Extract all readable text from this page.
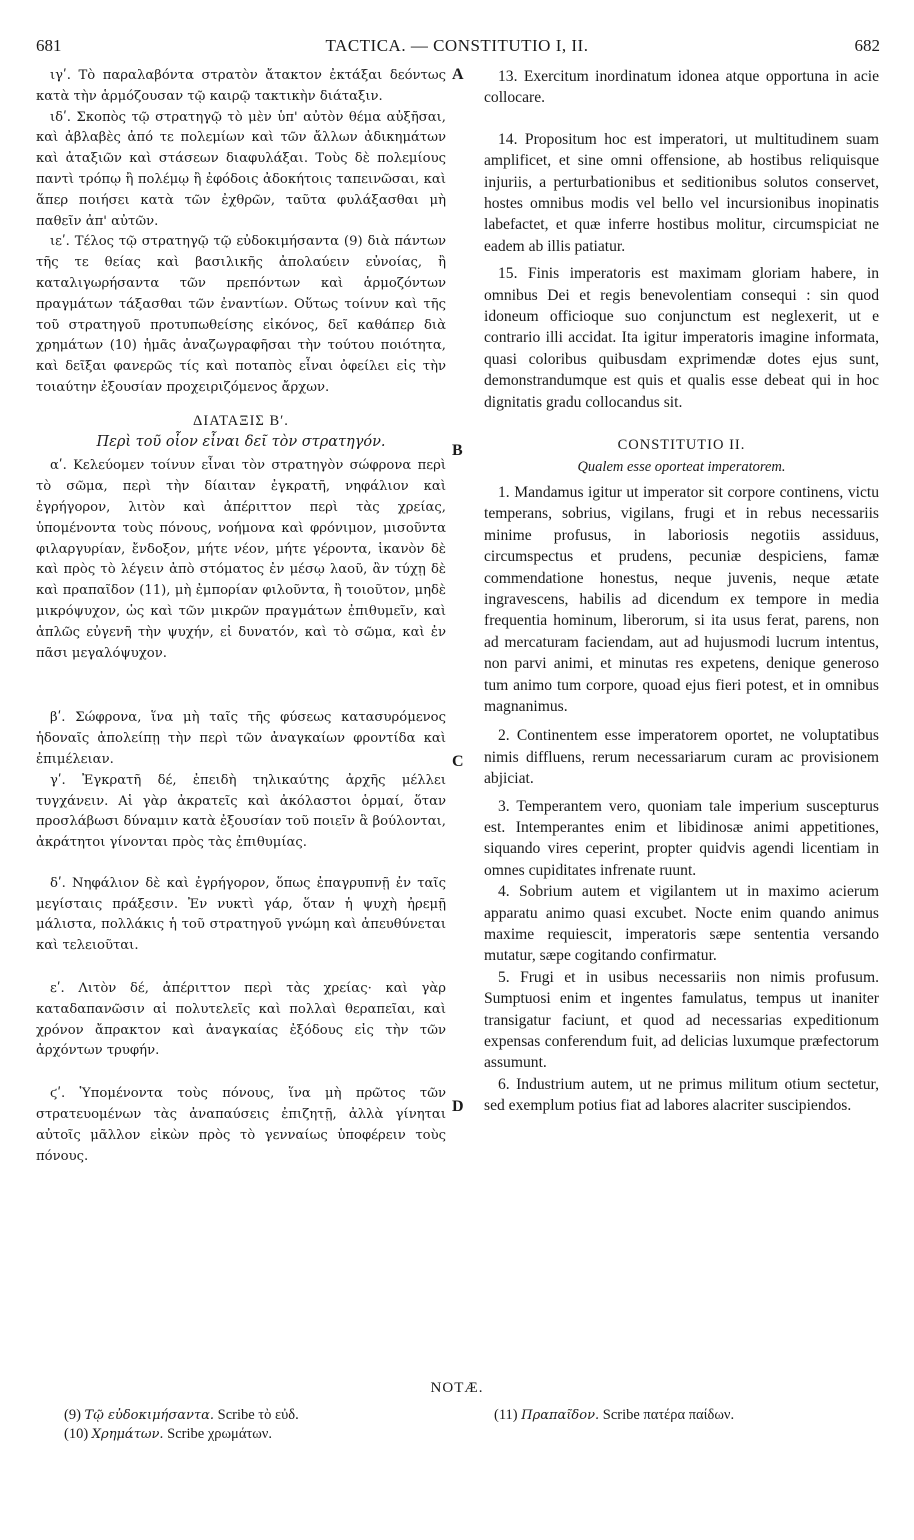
681	TACTICA. — CONSTITUTIO I, II.	682

ιγʹ. Τὸ παραλαβόντα στρατὸν ἄτακτον ἐκτάξαι δεόντως κατὰ τὴν ἁρμόζουσαν τῷ καιρῷ τακτικὴν διάταξιν.

ιδʹ. Σκοπὸς τῷ στρατηγῷ τὸ μὲν ὑπ' αὐτὸν θέμα αὐξῆσαι, καὶ ἀβλαβὲς ἀπό τε πολεμίων καὶ τῶν ἄλλων ἀδικημάτων καὶ ἀταξιῶν καὶ στάσεων διαφυλάξαι. Τοὺς δὲ πολεμίους παντὶ τρόπῳ ἢ πολέμῳ ἢ ἐφόδοις ἀδοκήτοις ταπεινῶσαι, καὶ ἅπερ ποιήσει κατὰ τῶν ἐχθρῶν, ταῦτα φυλάξασθαι μὴ παθεῖν ἀπ' αὐτῶν.

ιεʹ. Τέλος τῷ στρατηγῷ τῷ εὐδοκιμήσαντα (9) διὰ πάντων τῆς τε θείας καὶ βασιλικῆς ἀπολαύειν εὐνοίας, ἢ καταλιγωρήσαντα τῶν πρεπόντων καὶ ἁρμοζόντων πραγμάτων τάξασθαι τῶν ἐναντίων. Οὕτως τοίνυν καὶ τῆς τοῦ στρατηγοῦ προτυπωθείσης εἰκόνος, δεῖ καθάπερ διὰ χρημάτων (10) ἡμᾶς ἀναζωγραφῆσαι τὴν τούτου ποιότητα, καὶ δεῖξαι φανερῶς τίς καὶ ποταπὸς εἶναι ὀφείλει εἰς τὴν τοιαύτην ἐξουσίαν προχειριζόμενος ἄρχων.

ΔΙΑΤΑΞΙΣ Βʹ.
Περὶ τοῦ οἷον εἶναι δεῖ τὸν στρατηγόν.

αʹ. Κελεύομεν τοίνυν εἶναι τὸν στρατηγὸν σώφρονα περὶ τὸ σῶμα, περὶ τὴν δίαιταν ἐγκρατῆ, νηφάλιον καὶ ἐγρήγορον, λιτὸν καὶ ἀπέριττον περὶ τὰς χρείας, ὑπομένοντα τοὺς πόνους, νοήμονα καὶ φρόνιμον, μισοῦντα φιλαργυρίαν, ἔνδοξον, μήτε νέον, μήτε γέροντα, ἱκανὸν δὲ καὶ πρὸς τὸ λέγειν ἀπὸ στόματος ἐν μέσῳ λαοῦ, ἂν τύχῃ δὲ καὶ πραπαῖδον (11), μὴ ἐμπορίαν φιλοῦντα, ἢ τοιοῦτον, μηδὲ μικρόψυχον, ὡς καὶ τῶν μικρῶν πραγμάτων ἐπιθυμεῖν, καὶ ἁπλῶς εὐγενῆ τὴν ψυχήν, εἰ δυνατόν, καὶ τὸ σῶμα, καὶ ἐν πᾶσι μεγαλόψυχον.

βʹ. Σώφρονα, ἵνα μὴ ταῖς τῆς φύσεως κατασυρόμενος ἡδοναῖς ἀπολείπῃ τὴν περὶ τῶν ἀναγκαίων φροντίδα καὶ ἐπιμέλειαν.

γʹ. Ἐγκρατῆ δέ, ἐπειδὴ τηλικαύτης ἀρχῆς μέλλει τυγχάνειν. Αἱ γὰρ ἀκρατεῖς καὶ ἀκόλαστοι ὁρμαί, ὅταν προσλάβωσι δύναμιν κατὰ ἐξουσίαν τοῦ ποιεῖν ἃ βούλονται, ἀκράτητοι γίνονται πρὸς τὰς ἐπιθυμίας.

δʹ. Νηφάλιον δὲ καὶ ἐγρήγορον, ὅπως ἐπαγρυπνῇ ἐν ταῖς μεγίσταις πράξεσιν. Ἐν νυκτὶ γάρ, ὅταν ἡ ψυχὴ ἠρεμῇ μάλιστα, πολλάκις ἡ τοῦ στρατηγοῦ γνώμη καὶ ἀπευθύνεται καὶ τελειοῦται.

εʹ. Λιτὸν δέ, ἀπέριττον περὶ τὰς χρείας· καὶ γὰρ καταδαπανῶσιν αἱ πολυτελεῖς καὶ πολλαὶ θεραπεῖαι, καὶ χρόνον ἄπρακτον καὶ ἀναγκαίας ἐξόδους εἰς τὴν τῶν ἀρχόντων τρυφήν.

ϛʹ. Ὑπομένοντα τοὺς πόνους, ἵνα μὴ πρῶτος τῶν στρατευομένων τὰς ἀναπαύσεις ἐπιζητῇ, ἀλλὰ γίνηται αὐτοῖς μᾶλλον εἰκὼν πρὸς τὸ γενναίως ὑποφέρειν τοὺς πόνους.

13. Exercitum inordinatum idonea atque opportuna in acie collocare.

14. Propositum hoc est imperatori, ut multitudinem suam amplificet, et sine omni offensione, ab hostibus reliquisque injuriis, a perturbationibus et seditionibus solutos conservet, hostes omnibus modis vel bello vel incursionibus inopinatis labefactet, et quæ inferre hostibus molitur, circumspiciat ne eadem ab illis patiatur.

15. Finis imperatoris est maximam gloriam habere, in omnibus Dei et regis benevolentiam consequi : sin quod idoneum officioque suo conjunctum est neglexerit, ut e contrario illi accidat. Ita igitur imperatoris imagine informata, quasi coloribus quibusdam exprimendæ dotes ejus sunt, demonstrandumque est quis et qualis esse debeat qui in hoc dignitatis gradu collocandus sit.

CONSTITUTIO II.
Qualem esse oporteat imperatorem.

1. Mandamus igitur ut imperator sit corpore continens, victu temperans, sobrius, vigilans, frugi et in rebus necessariis minime profusus, in laboriosis negotiis assiduus, circumspectus et prudens, pecuniæ despiciens, famæ commendatione honestus, neque juvenis, neque ætate ingravescens, habilis ad dicendum ex tempore in media frequentia hominum, liberorum, si ita usus ferat, parens, non ad mercaturam faciendam, aut ad hujusmodi lucrum intentus, non parvi animi, et minutas res expetens, denique generoso tum animo tum corpore, quoad ejus fieri potest, et in omnibus magnanimus.

2. Continentem esse imperatorem oportet, ne voluptatibus nimis diffluens, rerum necessariarum curam ac provisionem abjiciat.

3. Temperantem vero, quoniam tale imperium suscepturus est. Intemperantes enim et libidinosæ animi appetitiones, siquando vires ceperint, propter quidvis agendi licentiam in omnes cupiditates infrenate ruunt.

4. Sobrium autem et vigilantem ut in maximo acierum apparatu animo quasi excubet. Nocte enim quando animus maxime requiescit, imperatoris sæpe sententia versando mutatur, sæpe cogitando confirmatur.

5. Frugi et in usibus necessariis non nimis profusum. Sumptuosi enim et ingentes famulatus, tempus ut inaniter transigatur faciunt, et quod ad necessarias expeditionum expensas conferendum fuit, ad delicias luxumque præfectorum assumunt.

6. Industrium autem, ut ne primus militum otium sectetur, sed exemplum potius fiat ad labores alacriter suscipiendos.

A
B
C
D
NOTÆ.

(9) Τῷ εὐδοκιμήσαντα. Scribe τὸ εὐδ.

(10) Χρημάτων. Scribe χρωμάτων.

(11) Πραπαῖδον. Scribe πατέρα παίδων.
